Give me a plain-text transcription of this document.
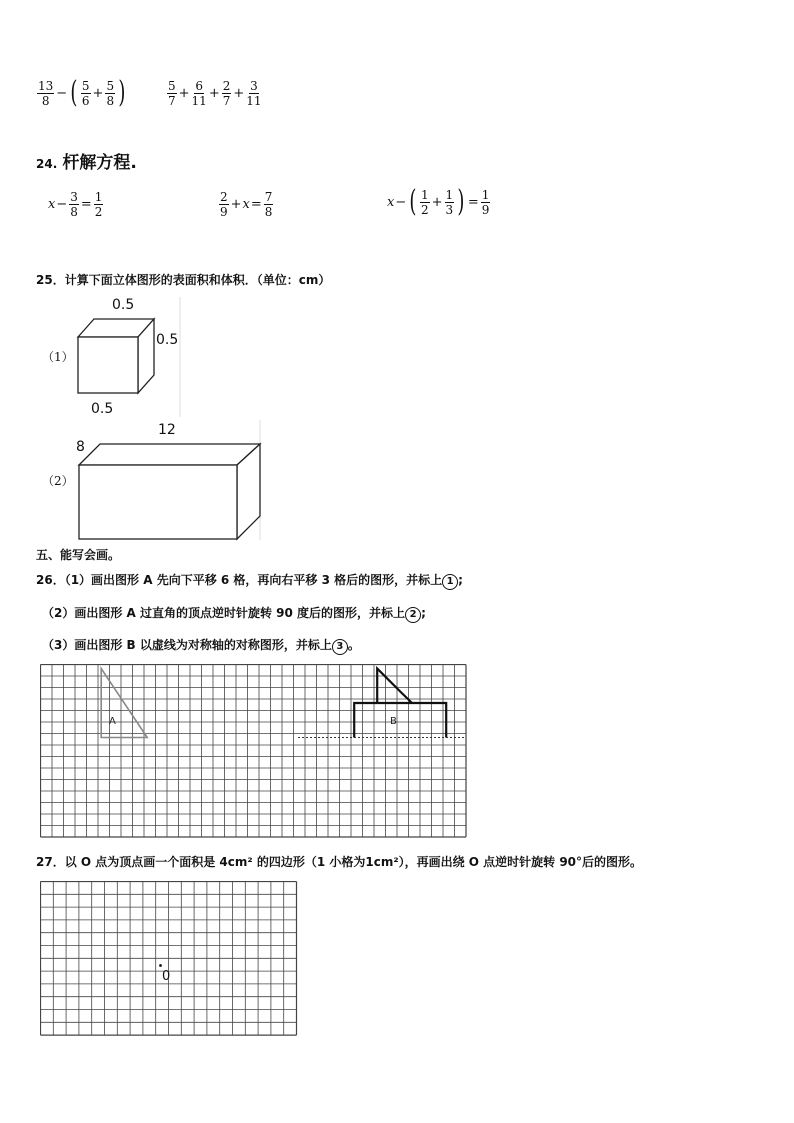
$\frac{13}{8}$ − ( $\frac{5}{6} + \frac{5}{8}$ )	$\frac{5}{7} + \frac{6}{11} + \frac{2}{7} + \frac{3}{11}$
24. 杆解方程.
$x - \frac{3}{8} = \frac{1}{2}$	$\frac{2}{9} + x = \frac{7}{8}$	x − ( $\frac{1}{2} + \frac{1}{3}$ ) = $\frac{1}{9}$
25．计算下面立体图形的表面积和体积．（单位：cm）
（1）
0.5
0.5
0.5
（2）
8
12
五、能写会画。
26．（1）画出图形 A 先向下平移 6 格，再向右平移 3 格后的图形，并标上 1 ;
（2）画出图形 A 过直角的顶点逆时针旋转 90 度后的图形，并标上 2 ;
（3）画出图形 B 以虚线为对称轴的对称图形，并标上 3 。
A	B
27．以 O 点为顶点画一个面积是 4cm² 的四边形（1 小格为1cm²），再画出绕 O 点逆时针旋转 90°后的图形。
0
